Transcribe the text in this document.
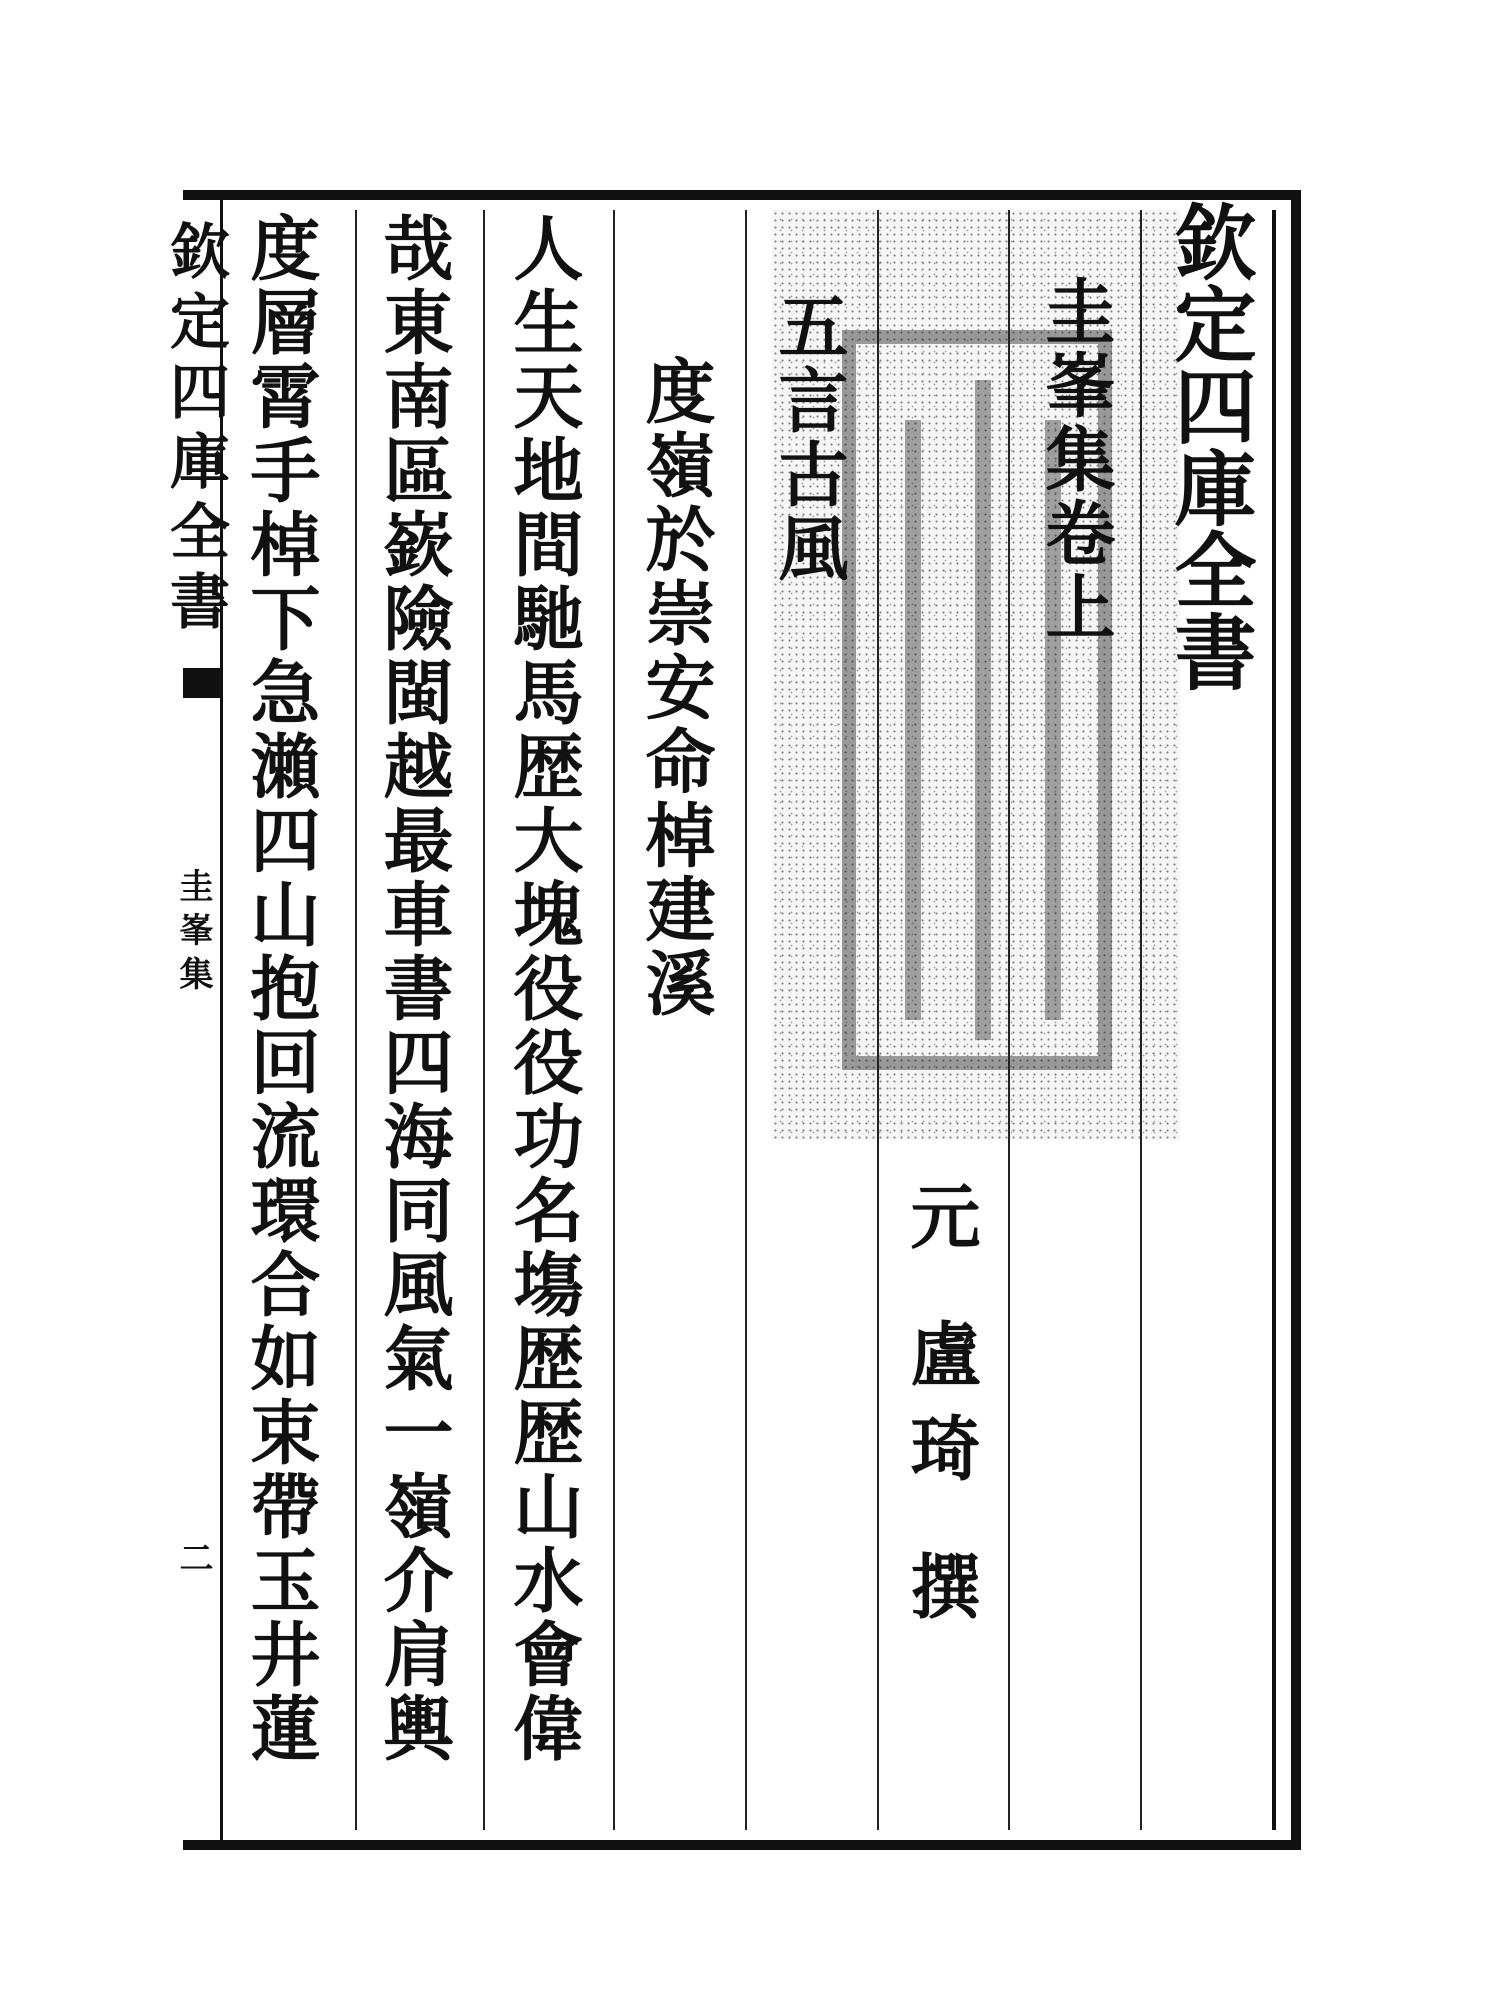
欽定四庫全書
圭峯集卷上
元盧琦撰
五言古風
度嶺於崇安命棹建溪
人生天地間馳馬歴大塊役役功名塲歴歴山水會偉
哉東南區嶔險閩越最車書四海同風氣一嶺介肩輿
度層霄手棹下急瀨四山抱回流環合如束帶玉井蓮
欽定四庫全書
圭峯集
二
